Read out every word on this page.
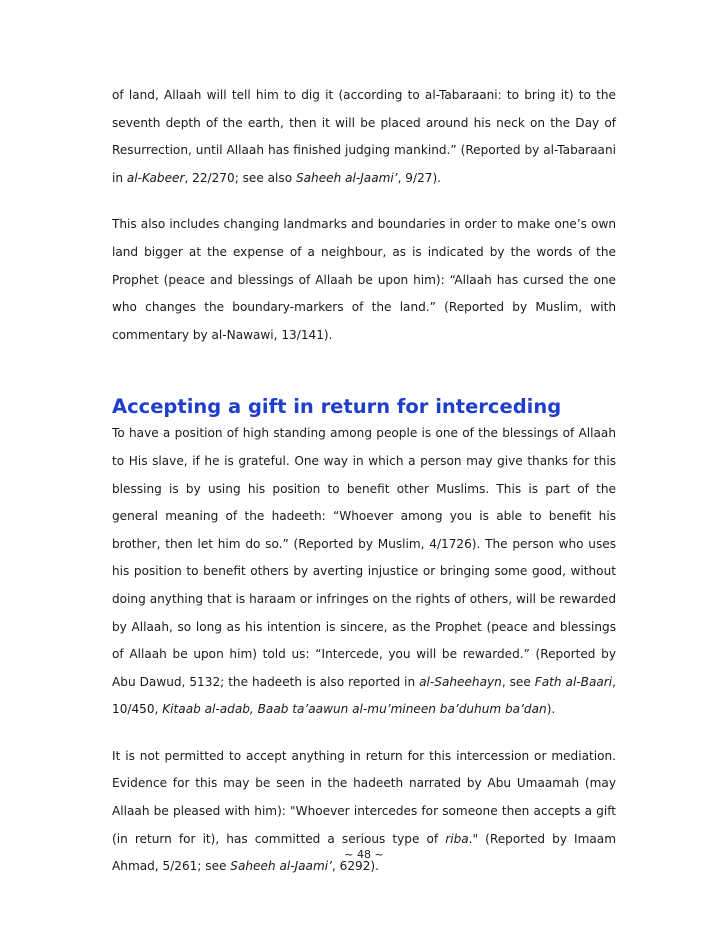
of land, Allaah will tell him to dig it (according to al-Tabaraani: to bring it) to the seventh depth of the earth, then it will be placed around his neck on the Day of Resurrection, until Allaah has finished judging mankind.” (Reported by al-Tabaraani in al-Kabeer, 22/270; see also Saheeh al-Jaami’, 9/27).

This also includes changing landmarks and boundaries in order to make one’s own land bigger at the expense of a neighbour, as is indicated by the words of the Prophet (peace and blessings of Allaah be upon him): “Allaah has cursed the one who changes the boundary-markers of the land.” (Reported by Muslim, with commentary by al-Nawawi, 13/141).

Accepting a gift in return for interceding

To have a position of high standing among people is one of the blessings of Allaah to His slave, if he is grateful. One way in which a person may give thanks for this blessing is by using his position to benefit other Muslims. This is part of the general meaning of the hadeeth: “Whoever among you is able to benefit his brother, then let him do so.” (Reported by Muslim, 4/1726). The person who uses his position to benefit others by averting injustice or bringing some good, without doing anything that is haraam or infringes on the rights of others, will be rewarded by Allaah, so long as his intention is sincere, as the Prophet (peace and blessings of Allaah be upon him) told us: “Intercede, you will be rewarded.” (Reported by Abu Dawud, 5132; the hadeeth is also reported in al-Saheehayn, see Fath al-Baari, 10/450, Kitaab al-adab, Baab ta’aawun al-mu’mineen ba’duhum ba’dan).

It is not permitted to accept anything in return for this intercession or mediation. Evidence for this may be seen in the hadeeth narrated by Abu Umaamah (may Allaah be pleased with him): "Whoever intercedes for someone then accepts a gift (in return for it), has committed a serious type of riba." (Reported by Imaam Ahmad, 5/261; see Saheeh al-Jaami’, 6292).

~ 48 ~
